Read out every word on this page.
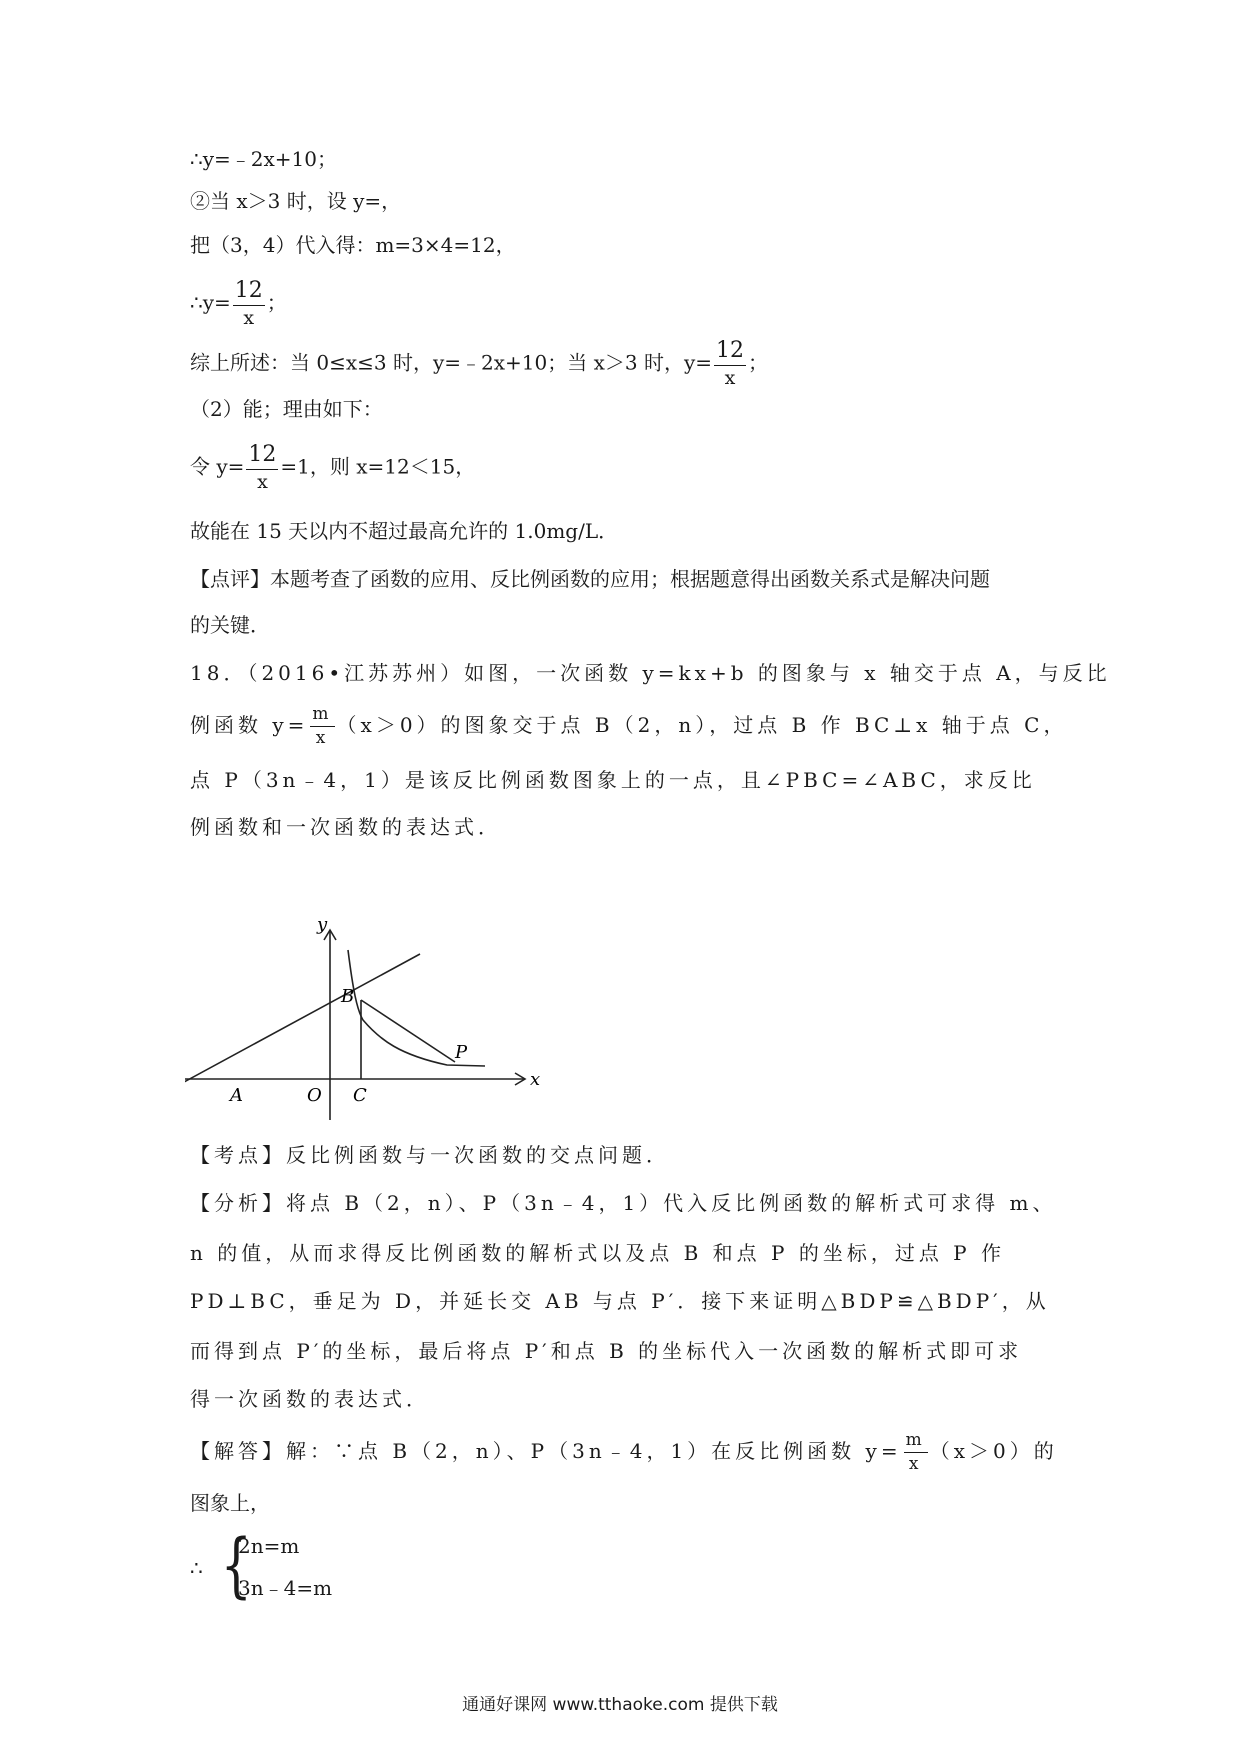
∴y=﹣2x+10；
②当 x＞3 时，设 y=，
把（3，4）代入得：m=3×4=12，
∴y= $\frac{12}{x}$ ；
综上所述：当 0≤x≤3 时，y=﹣2x+10；当 x＞3 时，$y= \frac{12}{x}$ ；
（2）能；理由如下：
令 $y= \frac{12}{x} =1$，则 x=12＜15，
故能在 15 天以内不超过最高允许的 1.0mg/L．
【点评】本题考查了函数的应用、反比例函数的应用；根据题意得出函数关系式是解决问题
的关键．
18．（2016•江苏苏州）如图，一次函数 y=kx+b 的图象与 x 轴交于点 A，与反比
例函数 $y= \frac{m}{x} (x>0)$的图象交于点 B（2，n），过点 B 作 BC⊥x 轴于点 C，
点 P（3n﹣4，1）是该反比例函数图象上的一点，且∠PBC=∠ABC，求反比
例函数和一次函数的表达式．
y
x
B
P
A	O C
【考点】反比例函数与一次函数的交点问题．
【分析】将点 B（2，n）、P（3n﹣4，1）代入反比例函数的解析式可求得 m、
n 的值，从而求得反比例函数的解析式以及点 B 和点 P 的坐标，过点 P 作
PD⊥BC，垂足为 D，并延长交 AB 与点 P′．接下来证明△BDP≌△BDP′，从
而得到点 P′的坐标，最后将点 P′和点 B 的坐标代入一次函数的解析式即可求
得一次函数的表达式．
【解答】解：∵点 B（2，n）、P（3n﹣4，1）在反比例函数 $y= \frac{m}{x} (x>0)$的
图象上，
∴ {
2n=m
3n﹣4=m
通通好课网 www.tthaoke.com 提供下载
